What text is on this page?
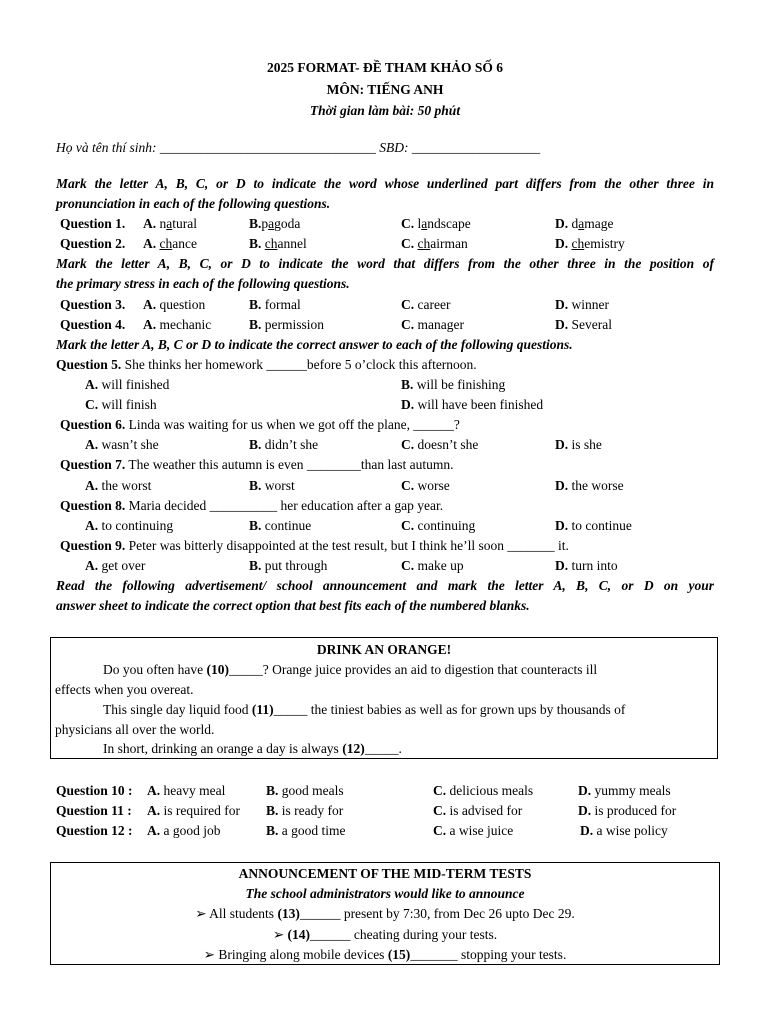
2025 FORMAT- ĐỀ THAM KHẢO SỐ 6
MÔN: TIẾNG ANH
Thời gian làm bài: 50 phút
Họ và tên thí sinh: ________________________________ SBD: ___________________
Mark the letter A, B, C, or D to indicate the word whose underlined part differs from the other three in
pronunciation in each of the following questions.
Question 1. A. natural	B.pagoda	C. landscape	D. damage
Question 2. A. chance	B. channel	C. chairman	D. chemistry
Mark the letter A, B, C, or D to indicate the word that differs from the other three in the position of
the primary stress in each of the following questions.
Question 3. A. question	B. formal	C. career	D. winner
Question 4. A. mechanic	B. permission	C. manager	D. Several
Mark the letter A, B, C or D to indicate the correct answer to each of the following questions.
Question 5. She thinks her homework ______before 5 o’clock this afternoon.
A. will finished	B. will be finishing
C. will finish	D. will have been finished
Question 6. Linda was waiting for us when we got off the plane, ______?
A. wasn’t she	B. didn’t she	C. doesn’t she	D. is she
Question 7. The weather this autumn is even ________than last autumn.
A. the worst	B. worst	C. worse	D. the worse
Question 8. Maria decided __________ her education after a gap year.
A. to continuing	B. continue	C. continuing	D. to continue
Question 9. Peter was bitterly disappointed at the test result, but I think he’ll soon _______ it.
A. get over	B. put through	C. make up	D. turn into
Read the following advertisement/ school announcement and mark the letter A, B, C, or D on your
answer sheet to indicate the correct option that best fits each of the numbered blanks.
DRINK AN ORANGE!
Do you often have (10)_____? Orange juice provides an aid to digestion that counteracts ill
effects when you overeat.
This single day liquid food (11)_____ the tiniest babies as well as for grown ups by thousands of
physicians all over the world.
In short, drinking an orange a day is always (12)_____.
Question 10 : A. heavy meal	B. good meals	C. delicious meals	D. yummy meals
Question 11 : A. is required for B. is ready for	C. is advised for	D. is produced for
Question 12 : A. a good job	B. a good time	C. a wise juice	D. a wise policy
ANNOUNCEMENT OF THE MID-TERM TESTS
The school administrators would like to announce
➢ All students (13)______ present by 7:30, from Dec 26 upto Dec 29.
➢ (14)______ cheating during your tests.
➢ Bringing along mobile devices (15)_______ stopping your tests.
